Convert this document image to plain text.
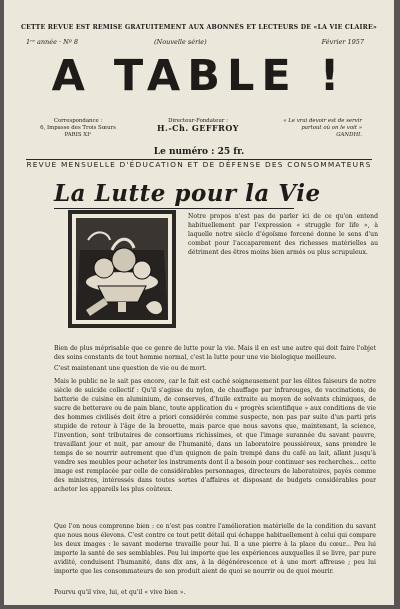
CETTE REVUE EST REMISE GRATUITEMENT AUX ABONNÉS ET LECTEURS DE «LA VIE CLAIRE»
1ʳᵉ année · Nº 8	(Nouvelle série)	Février 1957
A TABLE !
Correspondance :
6, Impasse des Trois Sœurs
PARIS XIᵉ
Directeur-Fondateur :
H.-Ch. GEFFROY
« Le vrai devoir est de servir partout où on le voit »
GANDHI.
Le numéro : 25 fr.
REVUE MENSUELLE D'ÉDUCATION ET DE DÉFENSE DES CONSOMMATEURS
La Lutte pour la Vie
Notre propos n'est pas de parler ici de ce qu'on entend habituellement par l'expression « struggle for life », à laquelle notre siècle d'égoïsme forcené donne le sens d'un combat pour l'accaparement des richesses matérielles au détriment des êtres moins bien armés ou plus scrupuleux.
Bien de plus méprisable que ce genre de lutte pour la vie. Mais il en est une autre qui doit faire l'objet des soins constants de tout homme normal, c'est la lutte pour une vie biologique meilleure.
C'est maintenant une question de vie ou de mort.
Mais le public ne le sait pas encore, car le fait est caché soigneusement par les élites faiseurs de notre siècle de suicide collectif : Qu'il s'agisse du nylon, de chauffage par infrarouges, de vaccinations, de batterie de cuisine en aluminium, de conserves, d'huile extraite au moyen de solvants chimiques, de sucre de betterave ou de pain blanc, toute application du « progrès scientifique » aux conditions de vie des hommes civilisés doit être a priori considérée comme suspecte, non pas par suite d'un parti pris stupide de retour à l'âge de la brouette, mais parce que nous savons que, maintenant, la science, l'invention, sont tributaires de consortiums richissimes, et que l'image surannée du savant pauvre, travaillant jour et nuit, par amour de l'humanité, dans un laboratoire poussiéreux, sans prendre le temps de se nourrir autrement que d'un quignon de pain trempé dans du café au lait, allant jusqu'à vendre ses meubles pour acheter les instruments dont il a besoin pour continuer ses recherches... cette image est remplacée par celle de considérables personnages, directeurs de laboratoires, payés comme des ministres, intéressés dans toutes sortes d'affaires et disposant de budgets considérables pour acheter les appareils les plus coûteux.
Que l'on nous comprenne bien : ce n'est pas contre l'amélioration matérielle de la condition du savant que nous nous élevons. C'est contre ce tout petit détail qui échappe habituellement à celui qui compare les deux images : le savant moderne travaille pour lui. Il a une pierre à la place du cœur... Peu lui importe la santé de ses semblables. Peu lui importe que les expériences auxquelles il se livre, par pure avidité, conduisent l'humanité, dans dix ans, à la dégénérescence et à une mort affreuse ; peu lui importe que les consommateurs de son produit aient de quoi se nourrir ou de quoi mourir.
Pourvu qu'il vive, lui, et qu'il « vive bien ».
